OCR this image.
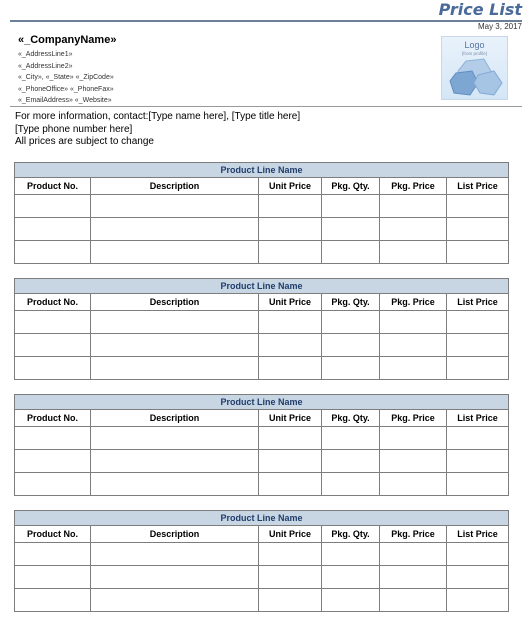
Price List
May 3, 2017
«_CompanyName»
«_AddressLine1»
«_AddressLine2»
«_City», «_State» «_ZipCode»
«_PhoneOffice» «_PhoneFax»
«_EmailAddress» «_Website»
Logo
(from profile)
For more information, contact:[Type name here], [Type title here]
[Type phone number here]
All prices are subject to change
Product Line Name					
Product No.	Description	Unit Price	Pkg. Qty.	Pkg. Price	List Price

Product Line Name					
Product No.	Description	Unit Price	Pkg. Qty.	Pkg. Price	List Price

Product Line Name					
Product No.	Description	Unit Price	Pkg. Qty.	Pkg. Price	List Price

Product Line Name					
Product No.	Description	Unit Price	Pkg. Qty.	Pkg. Price	List Price
